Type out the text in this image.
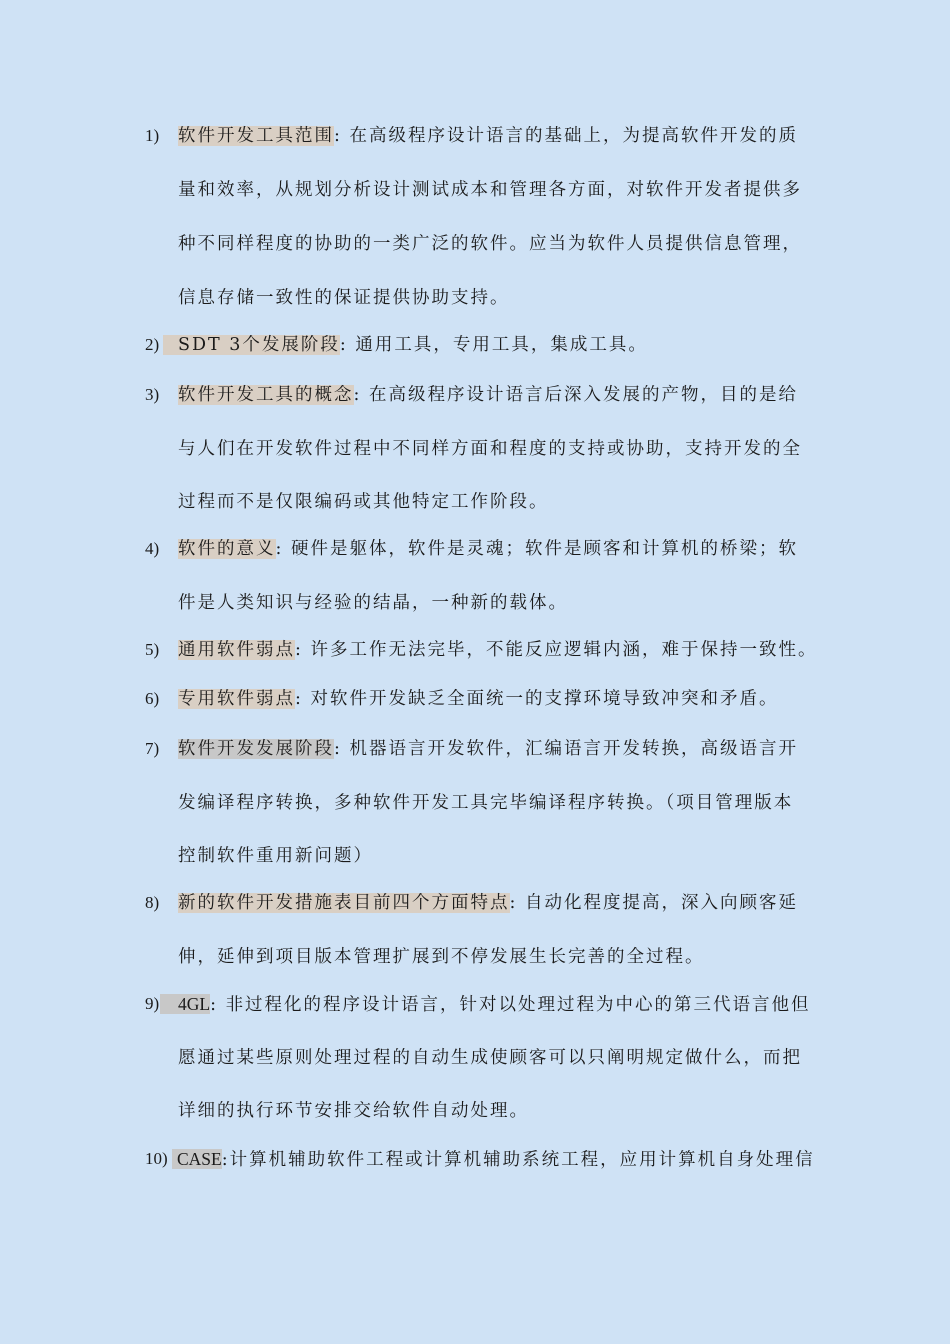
1) 软件开发工具范围: 在高级程序设计语言的基础上，为提高软件开发的质
量和效率，从规划分析设计测试成本和管理各方面，对软件开发者提供多
种不同样程度的协助的一类广泛的软件。应当为软件人员提供信息管理，
信息存储一致性的保证提供协助支持。
2)	SDT 3个发展阶段: 通用工具，专用工具，集成工具。
3) 软件开发工具的概念: 在高级程序设计语言后深入发展的产物，目的是给
与人们在开发软件过程中不同样方面和程度的支持或协助，支持开发的全
过程而不是仅限编码或其他特定工作阶段。
4) 软件的意义: 硬件是躯体，软件是灵魂；软件是顾客和计算机的桥梁；软
件是人类知识与经验的结晶，一种新的载体。
5) 通用软件弱点: 许多工作无法完毕，不能反应逻辑内涵，难于保持一致性。
6) 专用软件弱点: 对软件开发缺乏全面统一的支撑环境导致冲突和矛盾。
7) 软件开发发展阶段: 机器语言开发软件，汇编语言开发转换，高级语言开
发编译程序转换，多种软件开发工具完毕编译程序转换。（项目管理版本
控制软件重用新问题）
8) 新的软件开发措施表目前四个方面特点: 自动化程度提高，深入向顾客延
伸，延伸到项目版本管理扩展到不停发展生长完善的全过程。
9)	4GL: 非过程化的程序设计语言，针对以处理过程为中心的第三代语言他但
愿通过某些原则处理过程的自动生成使顾客可以只阐明规定做什么，而把
详细的执行环节安排交给软件自动处理。
10) CASE:计算机辅助软件工程或计算机辅助系统工程，应用计算机自身处理信
